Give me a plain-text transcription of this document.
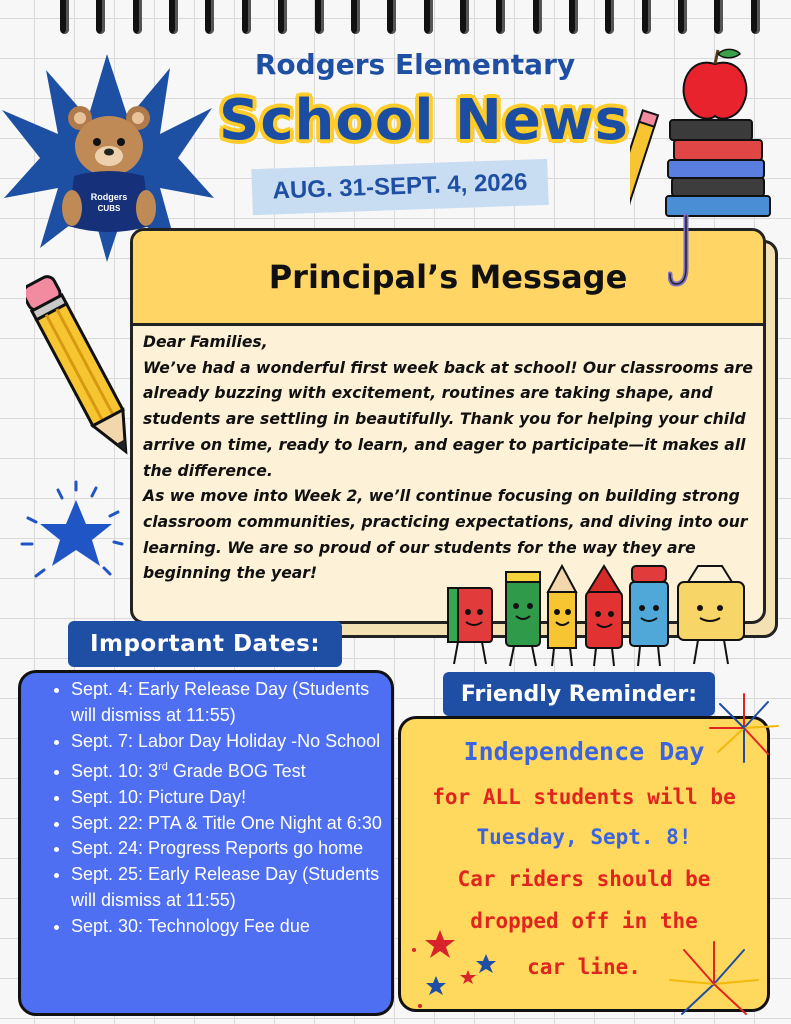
Rodgers
CUBS
Rodgers Elementary
School News
AUG. 31-SEPT. 4, 2026
Principal’s Message

Dear Families,

We’ve had a wonderful first week back at school! Our classrooms are already buzzing with excitement, routines are taking shape, and students are settling in beautifully. Thank you for helping your child arrive on time, ready to learn, and eager to participate—it makes all the difference.

As we move into Week 2, we’ll continue focusing on building strong classroom communities, practicing expectations, and diving into our learning. We are so proud of our students for the way they are beginning the year!

• Sept. 4: Early Release Day (Students will dismiss at 11:55)
• Sept. 7: Labor Day Holiday -No School
• Sept. 10: 3rd Grade BOG Test
• Sept. 10: Picture Day!
• Sept. 22: PTA & Title One Night at 6:30
• Sept. 24: Progress Reports go home
• Sept. 25: Early Release Day (Students will dismiss at 11:55)
• Sept. 30: Technology Fee due
Important Dates:
Independence Day
for ALL students will be
Tuesday, Sept. 8!
Car riders should be
dropped off in the
car line.
Friendly Reminder:
